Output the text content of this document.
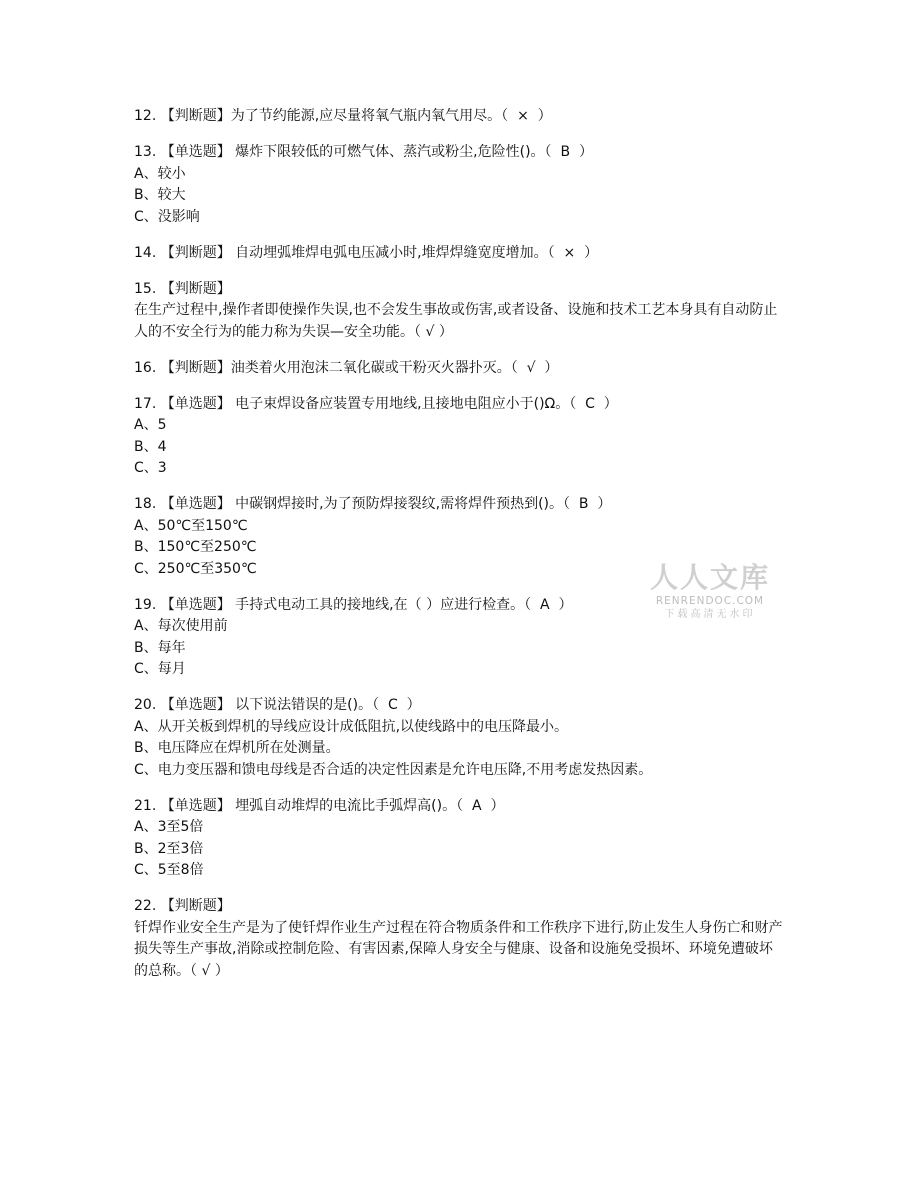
12. 【判断题】为了节约能源,应尽量将氧气瓶内氧气用尽。（  ×  ）
13. 【单选题】 爆炸下限较低的可燃气体、蒸汽或粉尘,危险性()。（  B  ）
A、较小
B、较大
C、没影响
14. 【判断题】 自动埋弧堆焊电弧电压减小时,堆焊焊缝宽度增加。（  ×  ）
15. 【判断题】
在生产过程中,操作者即使操作失误,也不会发生事故或伤害,或者设备、设施和技术工艺本身具有自动防止人的不安全行为的能力称为失误—安全功能。（ √ ）
16. 【判断题】油类着火用泡沫二氧化碳或干粉灭火器扑灭。（  √  ）
17. 【单选题】 电子束焊设备应装置专用地线,且接地电阻应小于()Ω。（  C  ）
A、5
B、4
C、3
18. 【单选题】 中碳钢焊接时,为了预防焊接裂纹,需将焊件预热到()。（  B  ）
A、50℃至150℃
B、150℃至250℃
C、250℃至350℃
19. 【单选题】 手持式电动工具的接地线,在（ ）应进行检查。（  A  ）
A、每次使用前
B、每年
C、每月
20. 【单选题】 以下说法错误的是()。（  C  ）
A、从开关板到焊机的导线应设计成低阻抗,以使线路中的电压降最小。
B、电压降应在焊机所在处测量。
C、电力变压器和馈电母线是否合适的决定性因素是允许电压降,不用考虑发热因素。
21. 【单选题】 埋弧自动堆焊的电流比手弧焊高()。（  A  ）
A、3至5倍
B、2至3倍
C、5至8倍
22. 【判断题】
钎焊作业安全生产是为了使钎焊作业生产过程在符合物质条件和工作秩序下进行,防止发生人身伤亡和财产损失等生产事故,消除或控制危险、有害因素,保障人身安全与健康、设备和设施免受损坏、环境免遭破坏的总称。（ √ ）
人人文库
RENRENDOC.COM
下载高清无水印
